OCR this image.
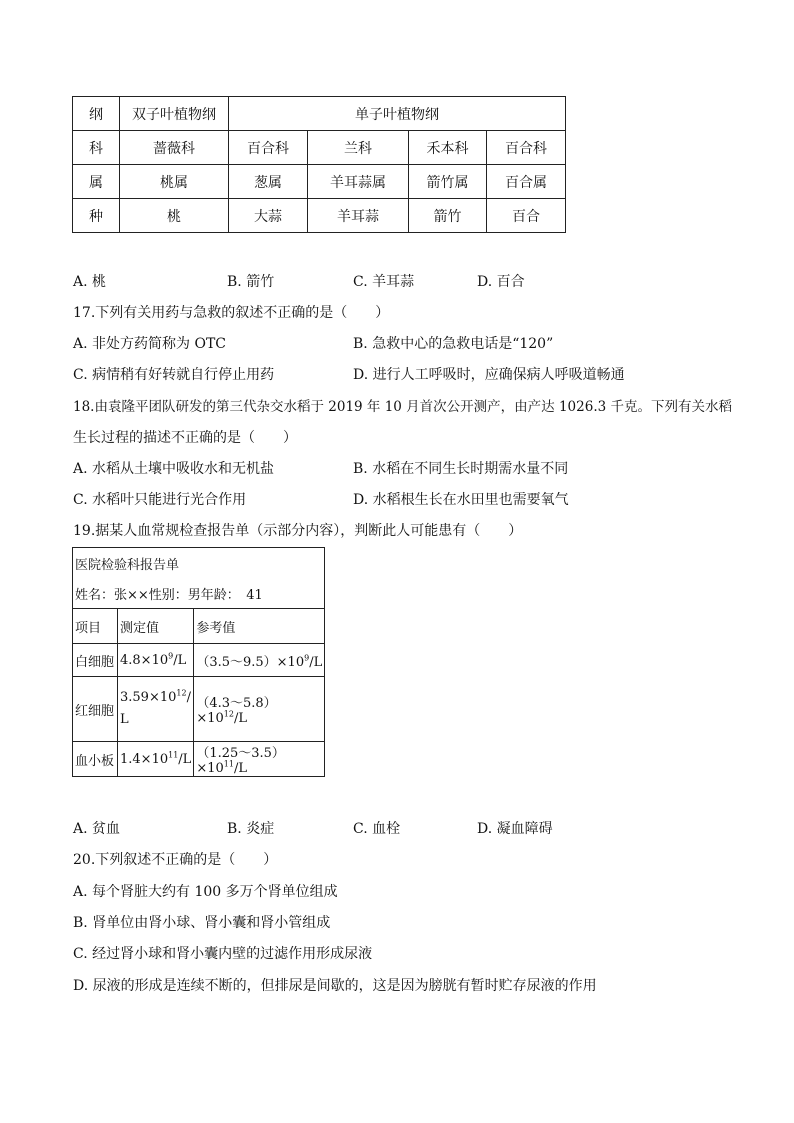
纲	双子叶植物纲	单子叶植物纲			
科	蔷薇科	百合科	兰科	禾本科	百合科
属	桃属	葱属	羊耳蒜属	箭竹属	百合属
种	桃	大蒜	羊耳蒜	箭竹	百合
A. 桃	B. 箭竹	C. 羊耳蒜	D. 百合
17.下列有关用药与急救的叙述不正确的是（　　）
A. 非处方药简称为 OTC	B. 急救中心的急救电话是“120”
C. 病情稍有好转就自行停止用药	D. 进行人工呼吸时，应确保病人呼吸道畅通
18.由袁隆平团队研发的第三代杂交水稻于 2019 年 10 月首次公开测产，由产达 1026.3 千克。下列有关水稻
生长过程的描述不正确的是（　　）
A. 水稻从土壤中吸收水和无机盐	B. 水稻在不同生长时期需水量不同
C. 水稻叶只能进行光合作用	D. 水稻根生长在水田里也需要氧气
19.据某人血常规检查报告单（示部分内容），判断此人可能患有（　　）
医院检验科报告单		
姓名：张××性别：男年龄：　41		
项目	测定值	参考值
白细胞	$4.8\times 10^9/L$	$(3.5\sim 9.5)\times 10^9/L$
红细胞	$3.59\times 10^{12}/L$	$(4.3\sim 5.8)\times 10^{12}/L$
血小板	$1.4\times 10^{11}/L$	$(1.25\sim 3.5)\times 10^{11}/L$
A. 贫血	B. 炎症	C. 血栓	D. 凝血障碍
20.下列叙述不正确的是（　　）
A. 每个肾脏大约有 100 多万个肾单位组成
B. 肾单位由肾小球、肾小囊和肾小管组成
C. 经过肾小球和肾小囊内壁的过滤作用形成尿液
D. 尿液的形成是连续不断的，但排尿是间歇的，这是因为膀胱有暂时贮存尿液的作用
